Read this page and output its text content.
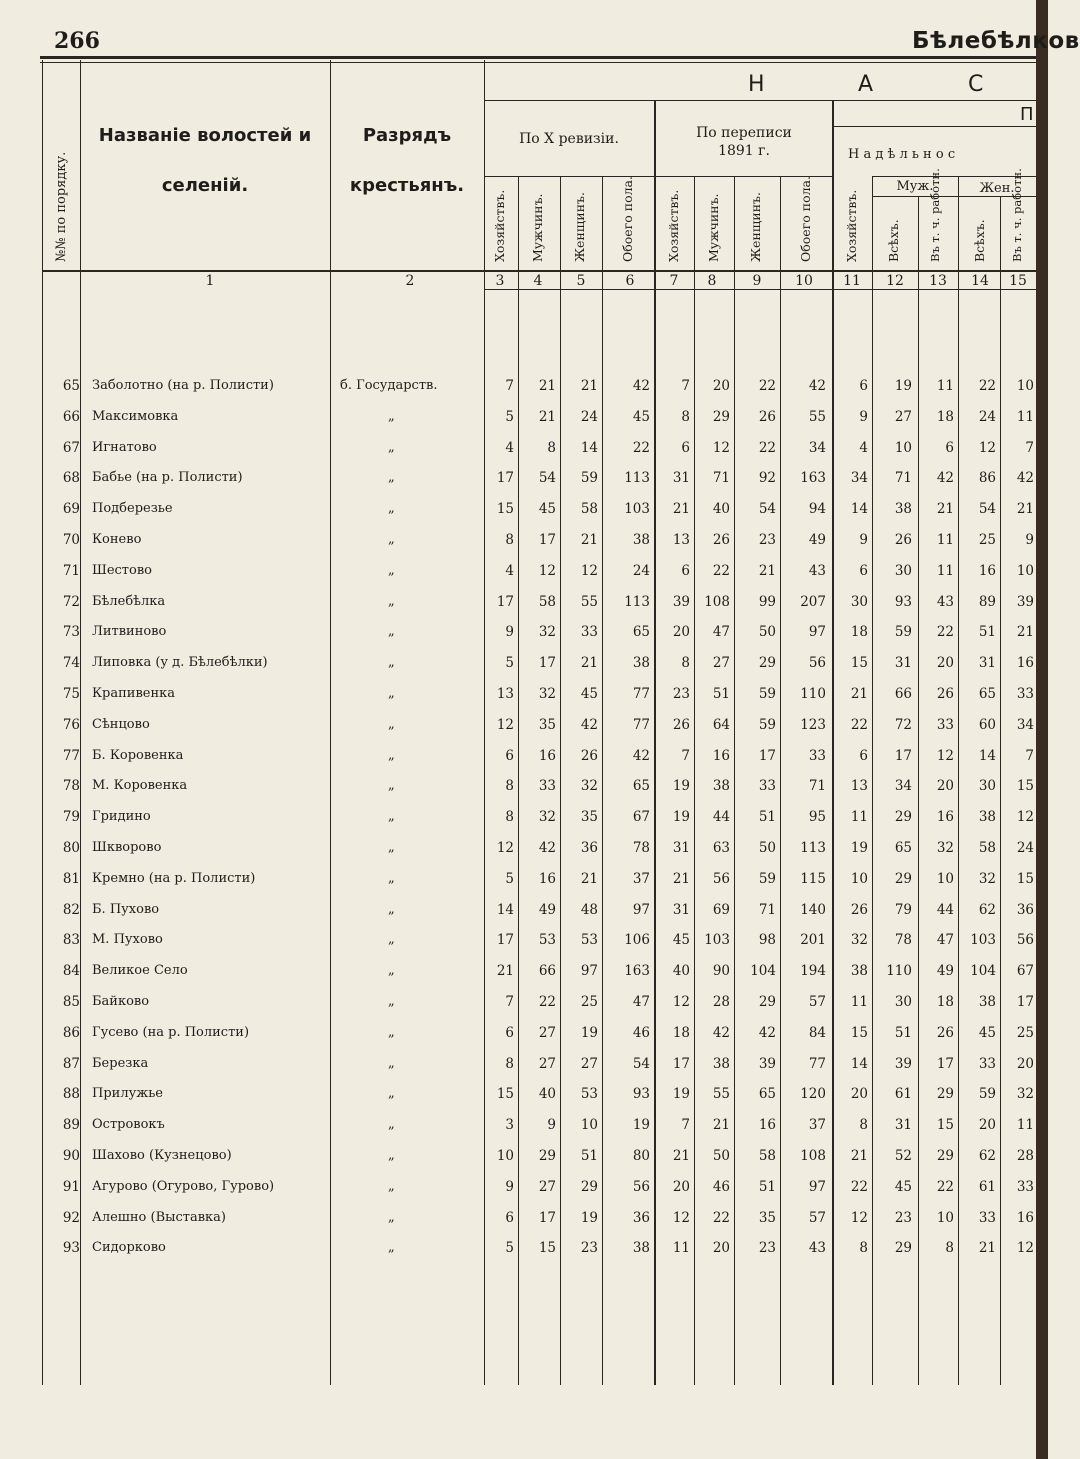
266	Бѣлебѣлков
Н	А	С
П
№№ по порядку.
Названіе волостей и
селеній.
Разрядъ
крестьянъ.
По X ревизіи.	По переписи
1891 г.	Н а д ѣ л ь н о с
Муж.	Жен.
Хозяйствъ. Мужчинъ. Женщинъ.	Обоего пола. Хозяйствъ. Мужчинъ. Женщинъ.	Обоего пола. Хозяйствъ. Всѣхъ. Въ т. ч. работн. Всѣхъ. Въ т. ч. работн.
1	2	3	4	5	6	7	8	9	10	11	12	13	14	15
65 Заболотно (на р. Полисти)	б. Государств.	7	21	21	42	7	20	22	42	6	19	11	22	10
66 Максимовка	„	5	21	24	45	8	29	26	55	9	27	18	24	11
67 Игнатово	„	4	8	14	22	6	12	22	34	4	10	6	12	7
68 Бабье (на р. Полисти)	„	17	54	59	113	31	71	92	163	34	71	42	86	42
69 Подберезье	„	15	45	58	103	21	40	54	94	14	38	21	54	21
70 Конево	„	8	17	21	38	13	26	23	49	9	26	11	25	9
71 Шестово	„	4	12	12	24	6	22	21	43	6	30	11	16	10
72 Бѣлебѣлка	„	17	58	55	113	39	108	99	207	30	93	43	89	39
73 Литвиново	„	9	32	33	65	20	47	50	97	18	59	22	51	21
74 Липовка (у д. Бѣлебѣлки)	„	5	17	21	38	8	27	29	56	15	31	20	31	16
75 Крапивенка	„	13	32	45	77	23	51	59	110	21	66	26	65	33
76 Сѣнцово	„	12	35	42	77	26	64	59	123	22	72	33	60	34
77 Б. Коровенка	„	6	16	26	42	7	16	17	33	6	17	12	14	7
78 М. Коровенка	„	8	33	32	65	19	38	33	71	13	34	20	30	15
79 Гридино	„	8	32	35	67	19	44	51	95	11	29	16	38	12
80 Шкворово	„	12	42	36	78	31	63	50	113	19	65	32	58	24
81 Кремно (на р. Полисти)	„	5	16	21	37	21	56	59	115	10	29	10	32	15
82 Б. Пухово	„	14	49	48	97	31	69	71	140	26	79	44	62	36
83 М. Пухово	„	17	53	53	106	45	103	98	201	32	78	47	103	56
84 Великое Село	„	21	66	97	163	40	90	104	194	38	110	49	104	67
85 Байково	„	7	22	25	47	12	28	29	57	11	30	18	38	17
86 Гусево (на р. Полисти)	„	6	27	19	46	18	42	42	84	15	51	26	45	25
87 Березка	„	8	27	27	54	17	38	39	77	14	39	17	33	20
88 Прилужье	„	15	40	53	93	19	55	65	120	20	61	29	59	32
89 Островокъ	„	3	9	10	19	7	21	16	37	8	31	15	20	11
90 Шахово (Кузнецово)	„	10	29	51	80	21	50	58	108	21	52	29	62	28
91 Агурово (Огурово, Гурово)	„	9	27	29	56	20	46	51	97	22	45	22	61	33
92 Алешно (Выставка)	„	6	17	19	36	12	22	35	57	12	23	10	33	16
93 Сидорково	„	5	15	23	38	11	20	23	43	8	29	8	21	12
